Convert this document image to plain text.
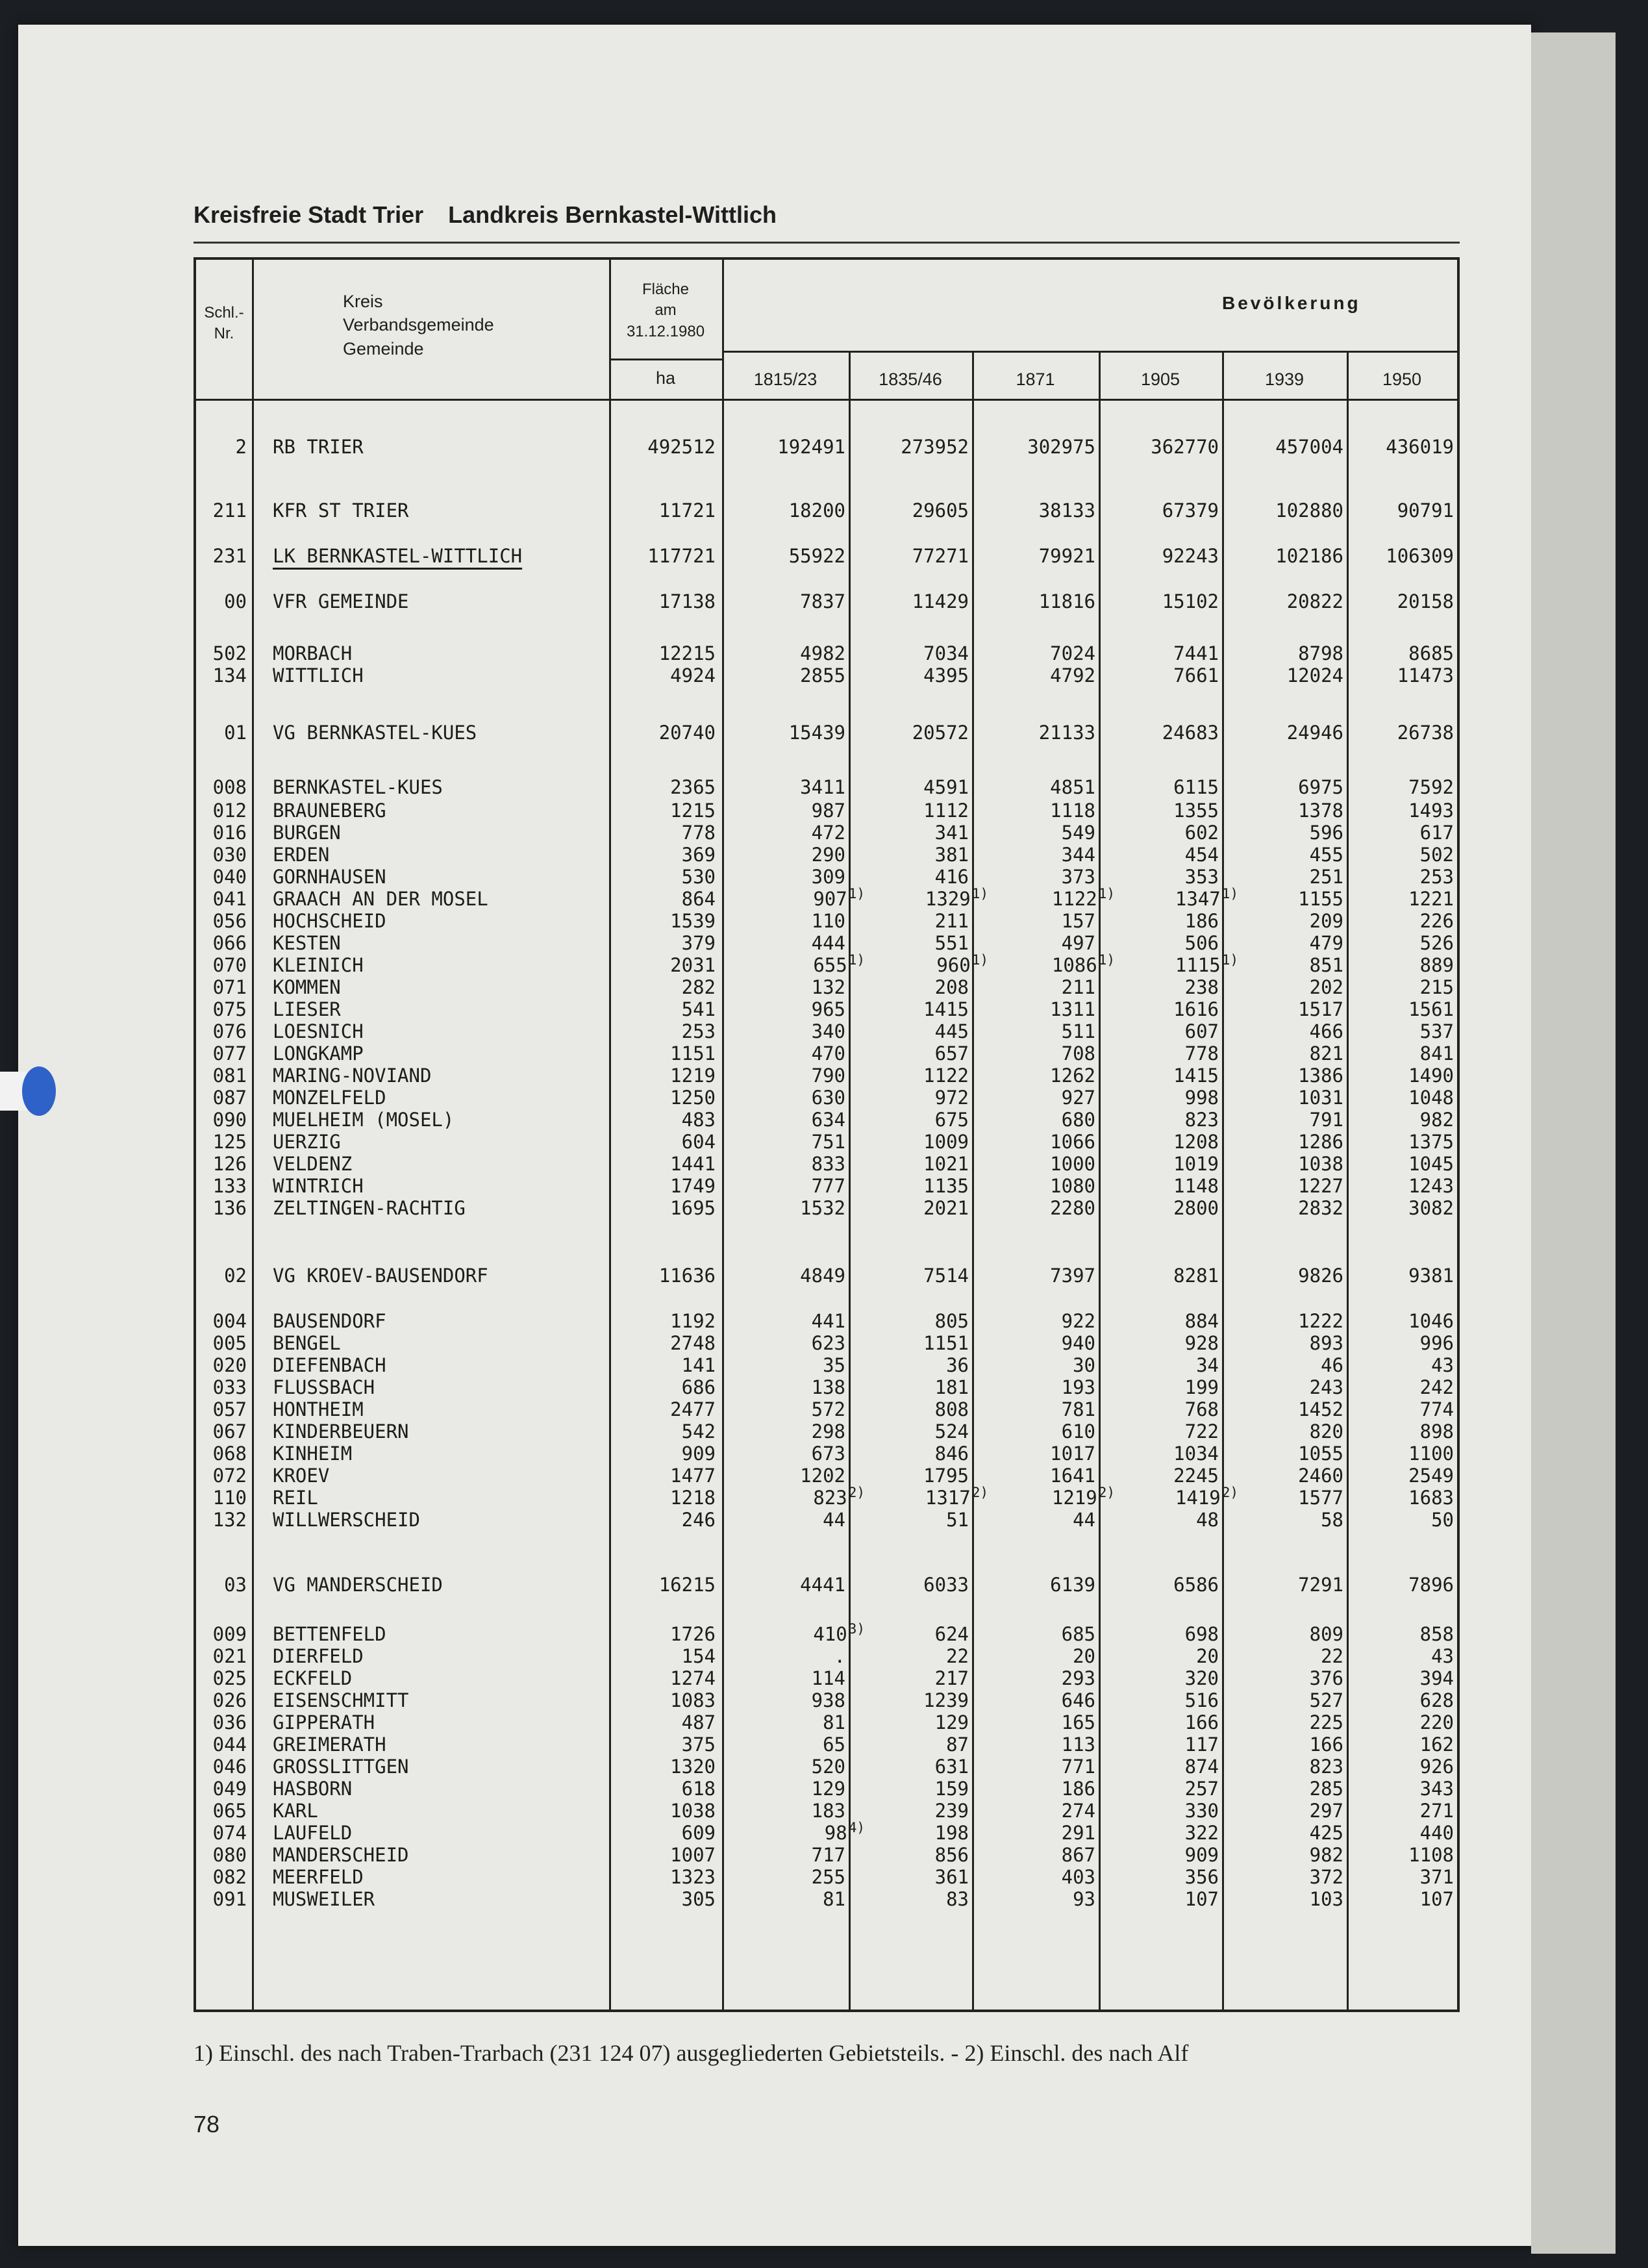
Kreisfreie Stadt Trier Landkreis Bernkastel-Wittlich
Schl.-
Nr.
Kreis
Verbandsgemeinde
Gemeinde
Fläche
am
31.12.1980
ha
Bevölkerung
1815/23	1835/46	1871	1905	1939	1950
2 RB TRIER	492512	192491	273952	302975	362770	457004 436019
211 KFR ST TRIER	11721	18200	29605	38133	67379	102880	90791
231 LK BERNKASTEL-WITTLICH	117721	55922	77271	79921	92243	102186 106309
00 VFR GEMEINDE	17138	7837	11429	11816	15102	20822	20158
502 MORBACH	12215	4982	7034	7024	7441	8798	8685
134 WITTLICH	4924	2855	4395	4792	7661	12024	11473
01 VG BERNKASTEL-KUES	20740	15439	20572	21133	24683	24946	26738
008 BERNKASTEL-KUES	2365	3411	4591	4851	6115	6975	7592
012 BRAUNEBERG	1215	987	1112	1118	1355	1378	1493
016 BURGEN	778	472	341	549	602	596	617
030 ERDEN	369	290	381	344	454	455	502
040 GORNHAUSEN	530	309	416	373	353	251	253
041 GRAACH AN DER MOSEL	864	907$^{1)}$	1329$^{1)}$	1122$^{1)}$	1347$^{1)}$	1155	1221
056 HOCHSCHEID	1539	110	211	157	186	209	226
066 KESTEN	379	444	551	497	506	479	526
070 KLEINICH	2031	655$^{1)}$	960$^{1)}$	1086$^{1)}$	1115$^{1)}$	851	889
071 KOMMEN	282	132	208	211	238	202	215
075 LIESER	541	965	1415	1311	1616	1517	1561
076 LOESNICH	253	340	445	511	607	466	537
077 LONGKAMP	1151	470	657	708	778	821	841
081 MARING-NOVIAND	1219	790	1122	1262	1415	1386	1490
087 MONZELFELD	1250	630	972	927	998	1031	1048
090 MUELHEIM (MOSEL)	483	634	675	680	823	791	982
125 UERZIG	604	751	1009	1066	1208	1286	1375
126 VELDENZ	1441	833	1021	1000	1019	1038	1045
133 WINTRICH	1749	777	1135	1080	1148	1227	1243
136 ZELTINGEN-RACHTIG	1695	1532	2021	2280	2800	2832	3082
02 VG KROEV-BAUSENDORF	11636	4849	7514	7397	8281	9826	9381
004 BAUSENDORF	1192	441	805	922	884	1222	1046
005 BENGEL	2748	623	1151	940	928	893	996
020 DIEFENBACH	141	35	36	30	34	46	43
033 FLUSSBACH	686	138	181	193	199	243	242
057 HONTHEIM	2477	572	808	781	768	1452	774
067 KINDERBEUERN	542	298	524	610	722	820	898
068 KINHEIM	909	673	846	1017	1034	1055	1100
072 KROEV	1477	1202	1795	1641	2245	2460	2549
110 REIL	1218	823$^{2)}$	1317$^{2)}$	1219$^{2)}$	1419$^{2)}$	1577	1683
132 WILLWERSCHEID	246	44	51	44	48	58	50
03 VG MANDERSCHEID	16215	4441	6033	6139	6586	7291	7896
009 BETTENFELD	1726	410$^{3)}$	624	685	698	809	858
021 DIERFELD	154	.	22	20	20	22	43
025 ECKFELD	1274	114	217	293	320	376	394
026 EISENSCHMITT	1083	938	1239	646	516	527	628
036 GIPPERATH	487	81	129	165	166	225	220
044 GREIMERATH	375	65	87	113	117	166	162
046 GROSSLITTGEN	1320	520	631	771	874	823	926
049 HASBORN	618	129	159	186	257	285	343
065 KARL	1038	183	239	274	330	297	271
074 LAUFELD	609	98$^{4)}$	198	291	322	425	440
080 MANDERSCHEID	1007	717	856	867	909	982	1108
082 MEERFELD	1323	255	361	403	356	372	371
091 MUSWEILER	305	81	83	93	107	103	107
1) Einschl. des nach Traben-Trarbach (231 124 07) ausgegliederten Gebietsteils. - 2) Einschl. des nach Alf
78
